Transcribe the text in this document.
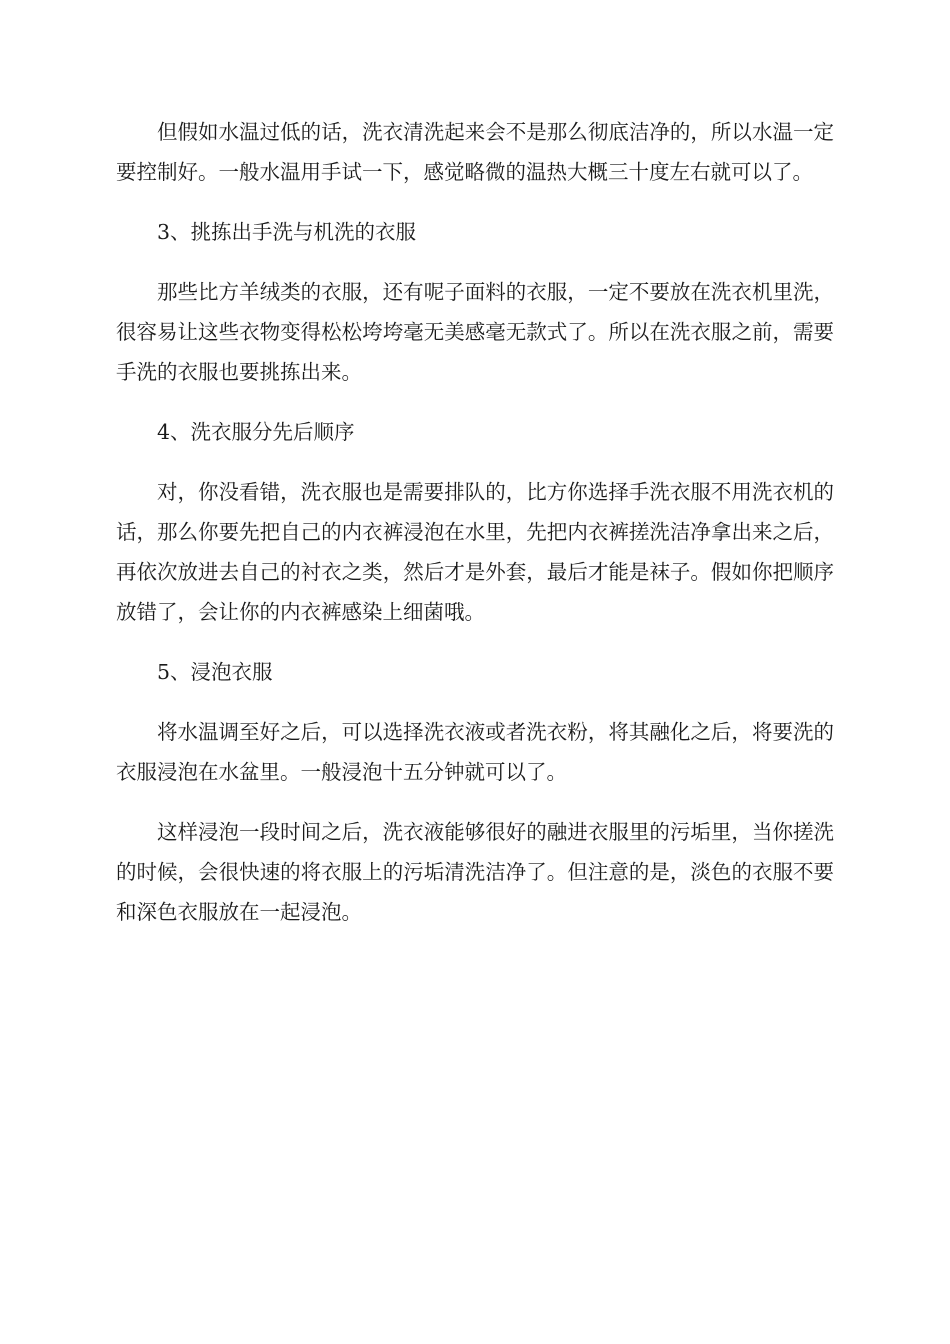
但假如水温过低的话，洗衣清洗起来会不是那么彻底洁净的，所以水温一定要控制好。一般水温用手试一下，感觉略微的温热大概三十度左右就可以了。

3、挑拣出手洗与机洗的衣服

那些比方羊绒类的衣服，还有呢子面料的衣服，一定不要放在洗衣机里洗，很容易让这些衣物变得松松垮垮毫无美感毫无款式了。所以在洗衣服之前，需要手洗的衣服也要挑拣出来。

4、洗衣服分先后顺序

对，你没看错，洗衣服也是需要排队的，比方你选择手洗衣服不用洗衣机的话，那么你要先把自己的内衣裤浸泡在水里，先把内衣裤搓洗洁净拿出来之后，再依次放进去自己的衬衣之类，然后才是外套，最后才能是袜子。假如你把顺序放错了，会让你的内衣裤感染上细菌哦。

5、浸泡衣服

将水温调至好之后，可以选择洗衣液或者洗衣粉，将其融化之后，将要洗的衣服浸泡在水盆里。一般浸泡十五分钟就可以了。

这样浸泡一段时间之后，洗衣液能够很好的融进衣服里的污垢里，当你搓洗的时候，会很快速的将衣服上的污垢清洗洁净了。但注意的是，淡色的衣服不要和深色衣服放在一起浸泡。
